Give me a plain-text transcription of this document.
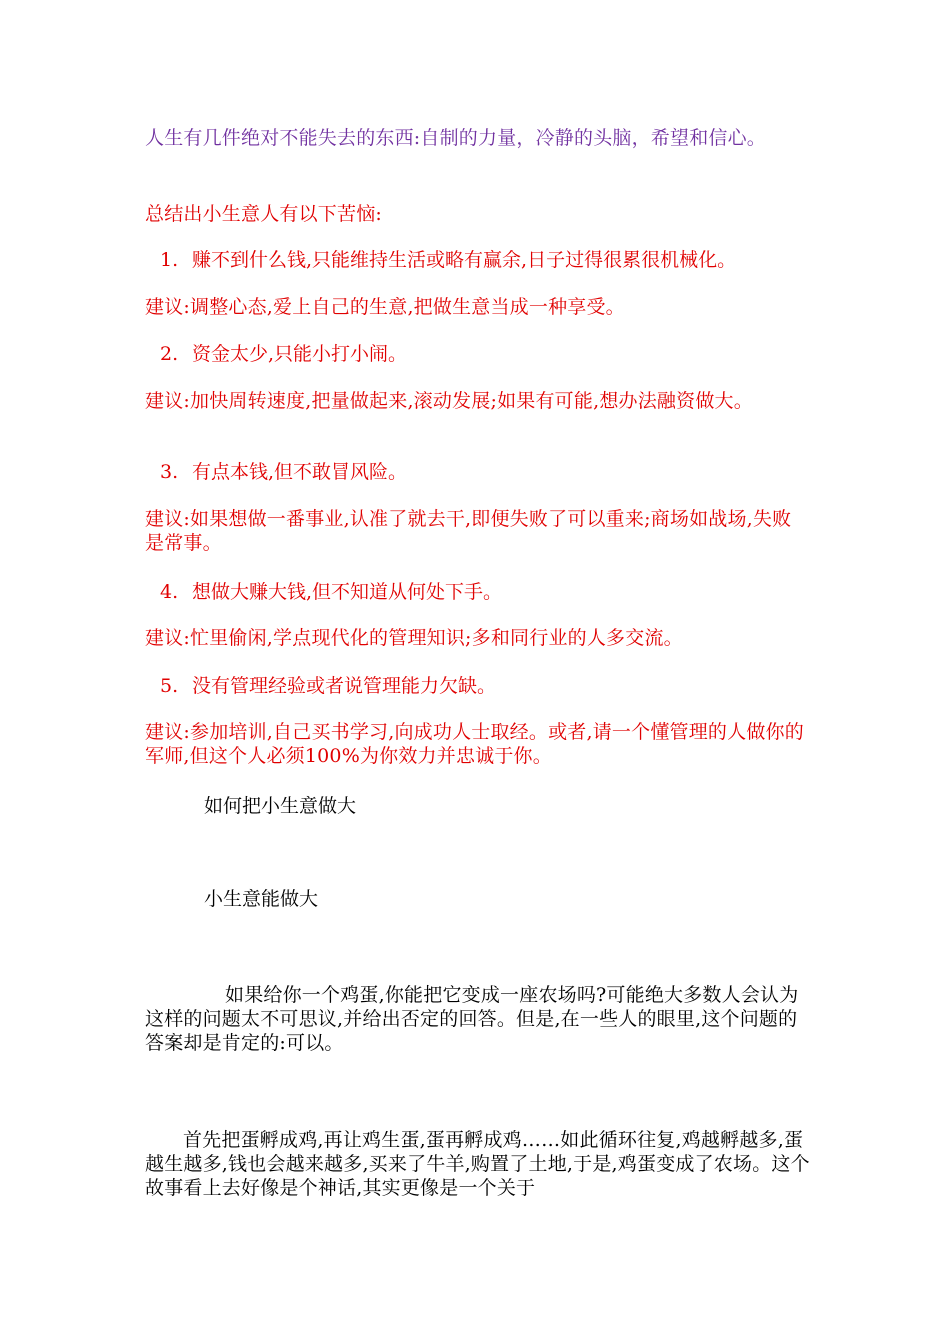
人生有几件绝对不能失去的东西:自制的力量，冷静的头脑，希望和信心。

总结出小生意人有以下苦恼:

1. 赚不到什么钱,只能维持生活或略有赢余,日子过得很累很机械化。

建议:调整心态,爱上自己的生意,把做生意当成一种享受。

2. 资金太少,只能小打小闹。

建议:加快周转速度,把量做起来,滚动发展;如果有可能,想办法融资做大。

3. 有点本钱,但不敢冒风险。

建议:如果想做一番事业,认准了就去干,即便失败了可以重来;商场如战场,失败是常事。

4. 想做大赚大钱,但不知道从何处下手。

建议:忙里偷闲,学点现代化的管理知识;多和同行业的人多交流。

5. 没有管理经验或者说管理能力欠缺。

建议:参加培训,自己买书学习,向成功人士取经。或者,请一个懂管理的人做你的军师,但这个人必须100%为你效力并忠诚于你。

如何把小生意做大

小生意能做大

如果给你一个鸡蛋,你能把它变成一座农场吗?可能绝大多数人会认为这样的问题太不可思议,并给出否定的回答。但是,在一些人的眼里,这个问题的答案却是肯定的:可以。

首先把蛋孵成鸡,再让鸡生蛋,蛋再孵成鸡……如此循环往复,鸡越孵越多,蛋越生越多,钱也会越来越多,买来了牛羊,购置了土地,于是,鸡蛋变成了农场。这个故事看上去好像是个神话,其实更像是一个关于
